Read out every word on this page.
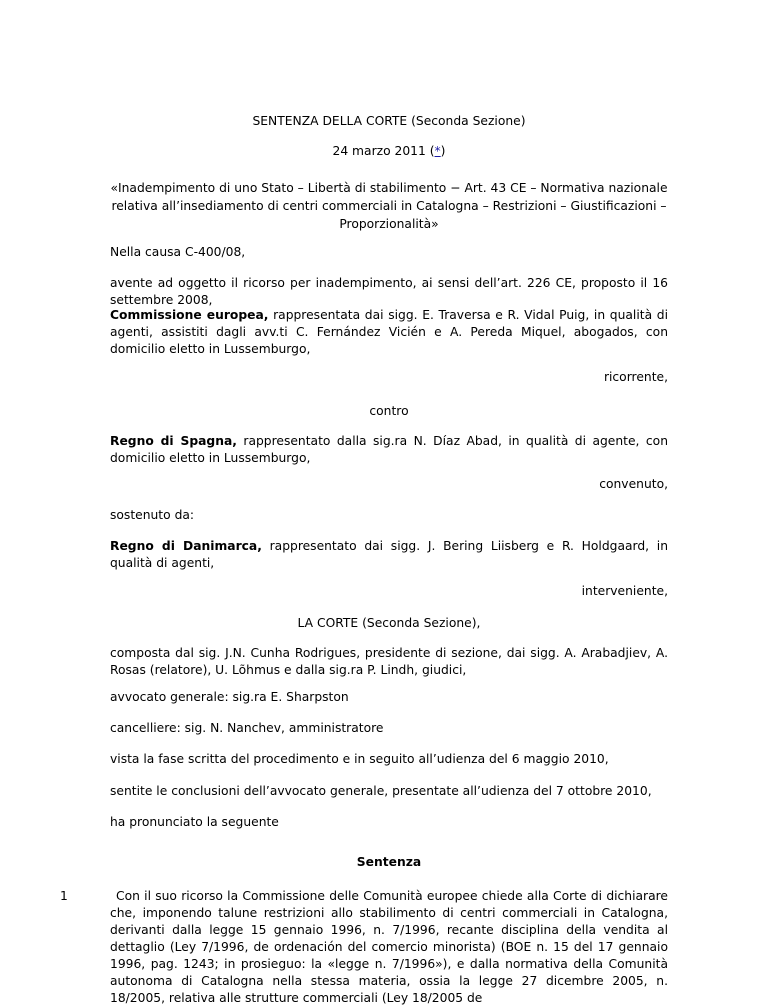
SENTENZA DELLA CORTE (Seconda Sezione)
24 marzo 2011 (*)
«Inadempimento di uno Stato – Libertà di stabilimento − Art. 43 CE – Normativa nazionale relativa all’insediamento di centri commerciali in Catalogna – Restrizioni – Giustificazioni – Proporzionalità»
Nella causa C-400/08,
avente ad oggetto il ricorso per inadempimento, ai sensi dell’art. 226 CE, proposto il 16 settembre 2008,
Commissione europea, rappresentata dai sigg. E. Traversa e R. Vidal Puig, in qualità di agenti, assistiti dagli avv.ti C. Fernández Vicién e A. Pereda Miquel, abogados, con domicilio eletto in Lussemburgo,
ricorrente,
contro
Regno di Spagna, rappresentato dalla sig.ra N. Díaz Abad, in qualità di agente, con domicilio eletto in Lussemburgo,
convenuto,
sostenuto da:
Regno di Danimarca, rappresentato dai sigg. J. Bering Liisberg e R. Holdgaard, in qualità di agenti,
interveniente,
LA CORTE (Seconda Sezione),
composta dal sig. J.N. Cunha Rodrigues, presidente di sezione, dai sigg. A. Arabadjiev, A. Rosas (relatore), U. Lõhmus e dalla sig.ra P. Lindh, giudici,
avvocato generale: sig.ra E. Sharpston
cancelliere: sig. N. Nanchev, amministratore
vista la fase scritta del procedimento e in seguito all’udienza del 6 maggio 2010,
sentite le conclusioni dell’avvocato generale, presentate all’udienza del 7 ottobre 2010,
ha pronunciato la seguente
Sentenza
1	Con il suo ricorso la Commissione delle Comunità europee chiede alla Corte di dichiarare che, imponendo talune restrizioni allo stabilimento di centri commerciali in Catalogna, derivanti dalla legge 15 gennaio 1996, n. 7/1996, recante disciplina della vendita al dettaglio (Ley 7/1996, de ordenación del comercio minorista) (BOE n. 15 del 17 gennaio 1996, pag. 1243; in prosieguo: la «legge n. 7/1996»), e dalla normativa della Comunità autonoma di Catalogna nella stessa materia, ossia la legge 27 dicembre 2005, n. 18/2005, relativa alle strutture commerciali (Ley 18/2005 de
